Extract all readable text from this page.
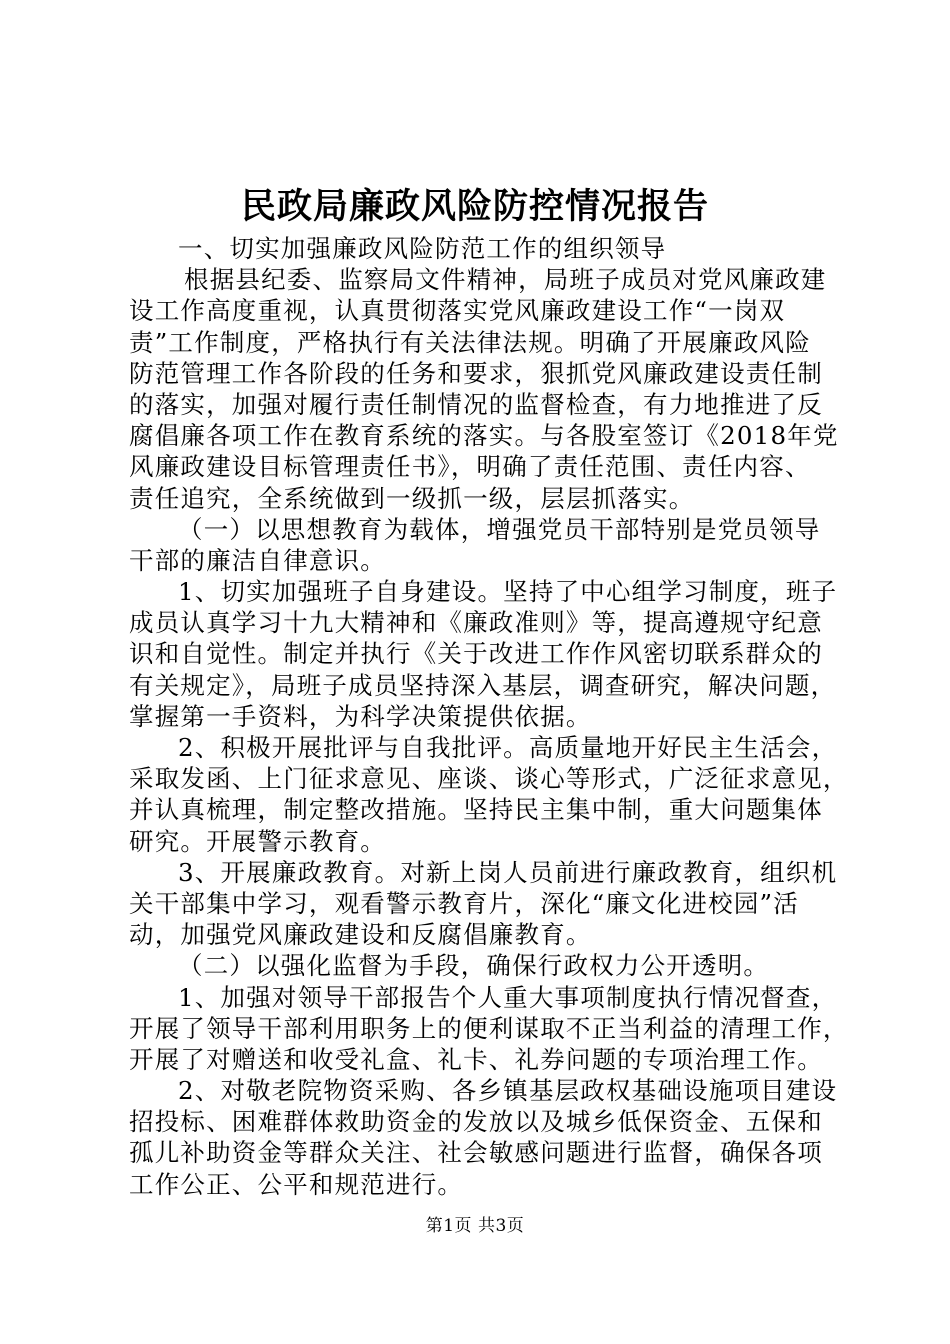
民政局廉政风险防控情况报告
一、切实加强廉政风险防范工作的组织领导
根据县纪委、监察局文件精神，局班子成员对党风廉政建
设工作高度重视，认真贯彻落实党风廉政建设工作“一岗双
责”工作制度，严格执行有关法律法规。明确了开展廉政风险
防范管理工作各阶段的任务和要求，狠抓党风廉政建设责任制
的落实，加强对履行责任制情况的监督检查，有力地推进了反
腐倡廉各项工作在教育系统的落实。与各股室签订《2018年党
风廉政建设目标管理责任书》，明确了责任范围、责任内容、
责任追究，全系统做到一级抓一级，层层抓落实。
（一）以思想教育为载体，增强党员干部特别是党员领导
干部的廉洁自律意识。
1、切实加强班子自身建设。坚持了中心组学习制度，班子
成员认真学习十九大精神和《廉政准则》等，提高遵规守纪意
识和自觉性。制定并执行《关于改进工作作风密切联系群众的
有关规定》，局班子成员坚持深入基层，调查研究，解决问题，
掌握第一手资料，为科学决策提供依据。
2、积极开展批评与自我批评。高质量地开好民主生活会，
采取发函、上门征求意见、座谈、谈心等形式，广泛征求意见，
并认真梳理，制定整改措施。坚持民主集中制，重大问题集体
研究。开展警示教育。
3、开展廉政教育。对新上岗人员前进行廉政教育，组织机
关干部集中学习，观看警示教育片，深化“廉文化进校园”活
动，加强党风廉政建设和反腐倡廉教育。
（二）以强化监督为手段，确保行政权力公开透明。
1、加强对领导干部报告个人重大事项制度执行情况督查，
开展了领导干部利用职务上的便利谋取不正当利益的清理工作，
开展了对赠送和收受礼盒、礼卡、礼券问题的专项治理工作。
2、对敬老院物资采购、各乡镇基层政权基础设施项目建设
招投标、困难群体救助资金的发放以及城乡低保资金、五保和
孤儿补助资金等群众关注、社会敏感问题进行监督，确保各项
工作公正、公平和规范进行。
第1页 共3页
